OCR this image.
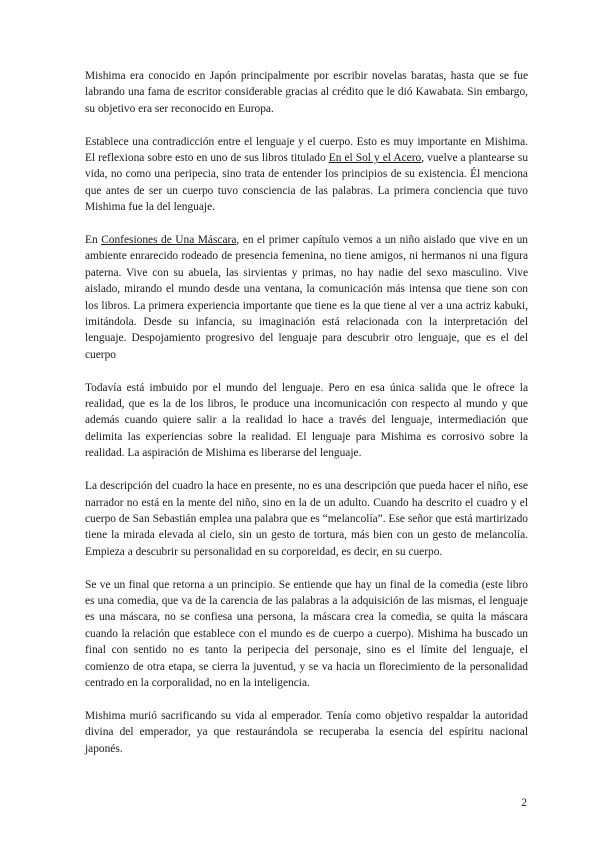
Mishima era conocido en Japón principalmente por escribir novelas baratas, hasta que se fue labrando una fama de escritor considerable gracias al crédito que le dió Kawabata. Sin embargo, su objetivo era ser reconocido en Europa.

Establece una contradicción entre el lenguaje y el cuerpo. Esto es muy importante en Mishima. El reflexiona sobre esto en uno de sus libros titulado En el Sol y el Acero, vuelve a plantearse su vida, no como una peripecia, sino trata de entender los principios de su existencia. Él menciona que antes de ser un cuerpo tuvo consciencia de las palabras. La primera conciencia que tuvo Mishima fue la del lenguaje.

En Confesiones de Una Máscara, en el primer capítulo vemos a un niño aislado que vive en un ambiente enrarecido rodeado de presencia femenina, no tiene amigos, ni hermanos ni una figura paterna. Vive con su abuela, las sirvientas y primas, no hay nadie del sexo masculino. Vive aislado, mirando el mundo desde una ventana, la comunicación más intensa que tiene son con los libros. La primera experiencia importante que tiene es la que tiene al ver a una actriz kabuki, imitándola. Desde su infancia, su imaginación está relacionada con la interpretación del lenguaje. Despojamiento progresivo del lenguaje para descubrir otro lenguaje, que es el del cuerpo

Todavía está imbuido por el mundo del lenguaje. Pero en esa única salida que le ofrece la realidad, que es la de los libros, le produce una incomunicación con respecto al mundo y que además cuando quiere salir a la realidad lo hace a través del lenguaje, intermediación que delimita las experiencias sobre la realidad. El lenguaje para Mishima es corrosivo sobre la realidad. La aspiración de Mishima es liberarse del lenguaje.

La descripción del cuadro la hace en presente, no es una descripción que pueda hacer el niño, ese narrador no está en la mente del niño, sino en la de un adulto. Cuando ha descrito el cuadro y el cuerpo de San Sebastián emplea una palabra que es “melancolía”. Ese señor que está martirizado tiene la mirada elevada al cielo, sin un gesto de tortura, más bien con un gesto de melancolía. Empieza a descubrir su personalidad en su corporeidad, es decir, en su cuerpo.

Se ve un final que retorna a un principio. Se entiende que hay un final de la comedia (este libro es una comedia, que va de la carencia de las palabras a la adquisición de las mismas, el lenguaje es una máscara, no se confiesa una persona, la máscara crea la comedia, se quita la máscara cuando la relación que establece con el mundo es de cuerpo a cuerpo). Mishima ha buscado un final con sentido no es tanto la peripecia del personaje, sino es el límite del lenguaje, el comienzo de otra etapa, se cierra la juventud, y se va hacia un florecimiento de la personalidad centrado en la corporalidad, no en la inteligencia.

Mishima murió sacrificando su vida al emperador. Tenía como objetivo respaldar la autoridad divina del emperador, ya que restaurándola se recuperaba la esencia del espíritu nacional japonés.

2
